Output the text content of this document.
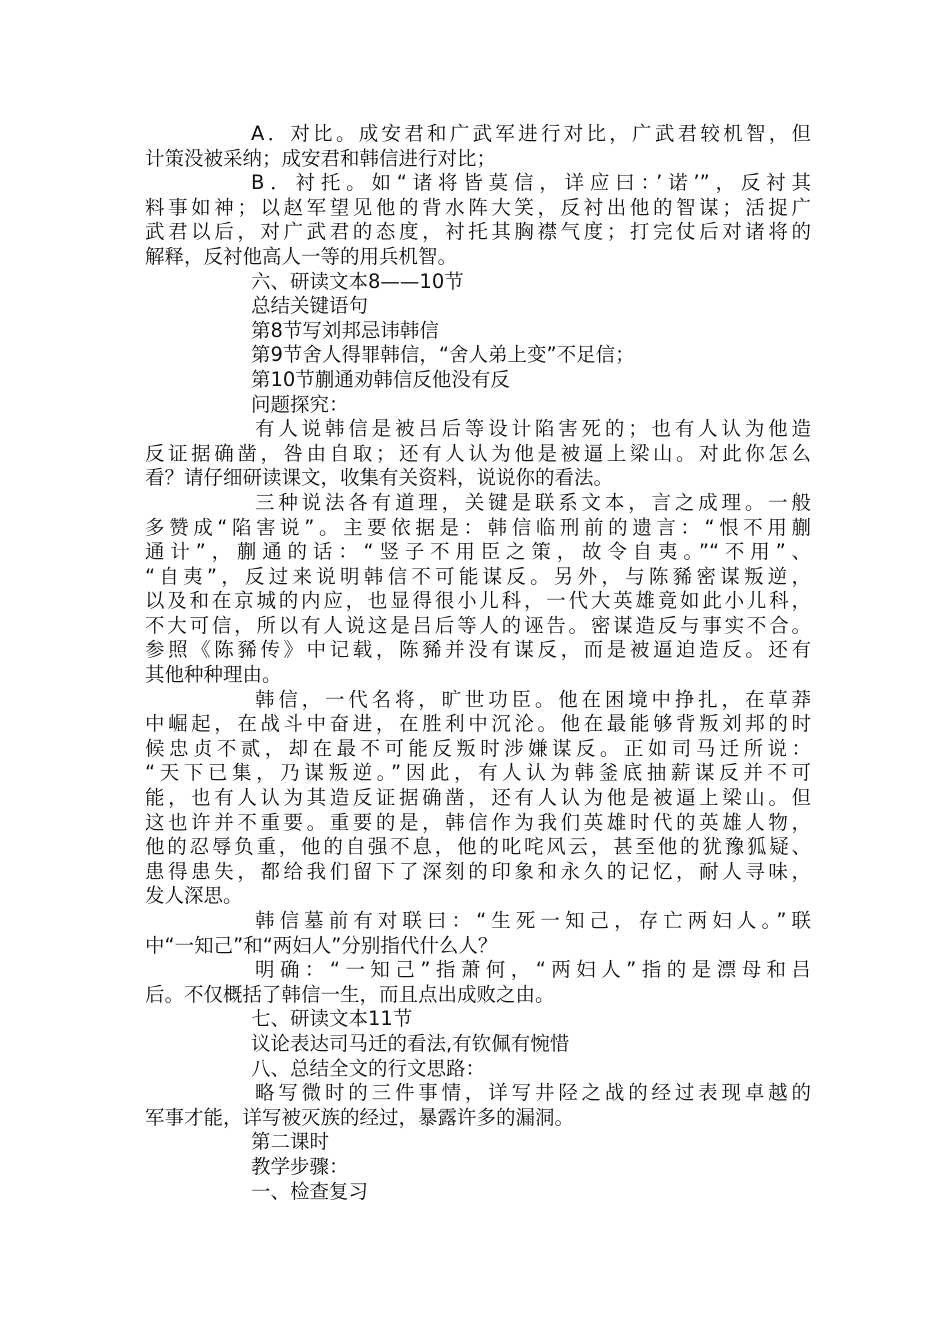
A．对比。成安君和广武军进行对比，广武君较机智，但
计策没被采纳；成安君和韩信进行对比；
B．衬托。如“诸将皆莫信，详应曰：’诺’”，反衬其
料事如神；以赵军望见他的背水阵大笑，反衬出他的智谋；活捉广
武君以后，对广武君的态度，衬托其胸襟气度；打完仗后对诸将的
解释，反衬他高人一等的用兵机智。
六、研读文本8——10节
总结关键语句
第8节写刘邦忌讳韩信
第9节舍人得罪韩信，“舍人弟上变”不足信；
第10节蒯通劝韩信反他没有反
问题探究：
有人说韩信是被吕后等设计陷害死的；也有人认为他造
反证据确凿，咎由自取；还有人认为他是被逼上梁山。对此你怎么
看？请仔细研读课文，收集有关资料，说说你的看法。
三种说法各有道理，关键是联系文本，言之成理。一般
多赞成“陷害说”。主要依据是：韩信临刑前的遗言：“恨不用蒯
通计”，蒯通的话：“竖子不用臣之策，故令自夷。”“不用”、
“自夷”，反过来说明韩信不可能谋反。另外，与陈豨密谋叛逆，
以及和在京城的内应，也显得很小儿科，一代大英雄竟如此小儿科，
不大可信，所以有人说这是吕后等人的诬告。密谋造反与事实不合。
参照《陈豨传》中记载，陈豨并没有谋反，而是被逼迫造反。还有
其他种种理由。
韩信，一代名将，旷世功臣。他在困境中挣扎，在草莽
中崛起，在战斗中奋进，在胜利中沉沦。他在最能够背叛刘邦的时
候忠贞不贰，却在最不可能反叛时涉嫌谋反。正如司马迁所说：
“天下已集，乃谋叛逆。”因此，有人认为韩釜底抽薪谋反并不可
能，也有人认为其造反证据确凿，还有人认为他是被逼上梁山。但
这也许并不重要。重要的是，韩信作为我们英雄时代的英雄人物，
他的忍辱负重，他的自强不息，他的叱咤风云，甚至他的犹豫狐疑、
患得患失，都给我们留下了深刻的印象和永久的记忆，耐人寻味，
发人深思。
韩信墓前有对联曰：“生死一知己，存亡两妇人。”联
中“一知己”和“两妇人”分别指代什么人？
明确：“一知己”指萧何，“两妇人”指的是漂母和吕
后。不仅概括了韩信一生，而且点出成败之由。
七、研读文本11节
议论表达司马迁的看法,有钦佩有惋惜
八、总结全文的行文思路：
略写微时的三件事情，详写井陉之战的经过表现卓越的
军事才能，详写被灭族的经过，暴露许多的漏洞。
第二课时
教学步骤：
一、检查复习
